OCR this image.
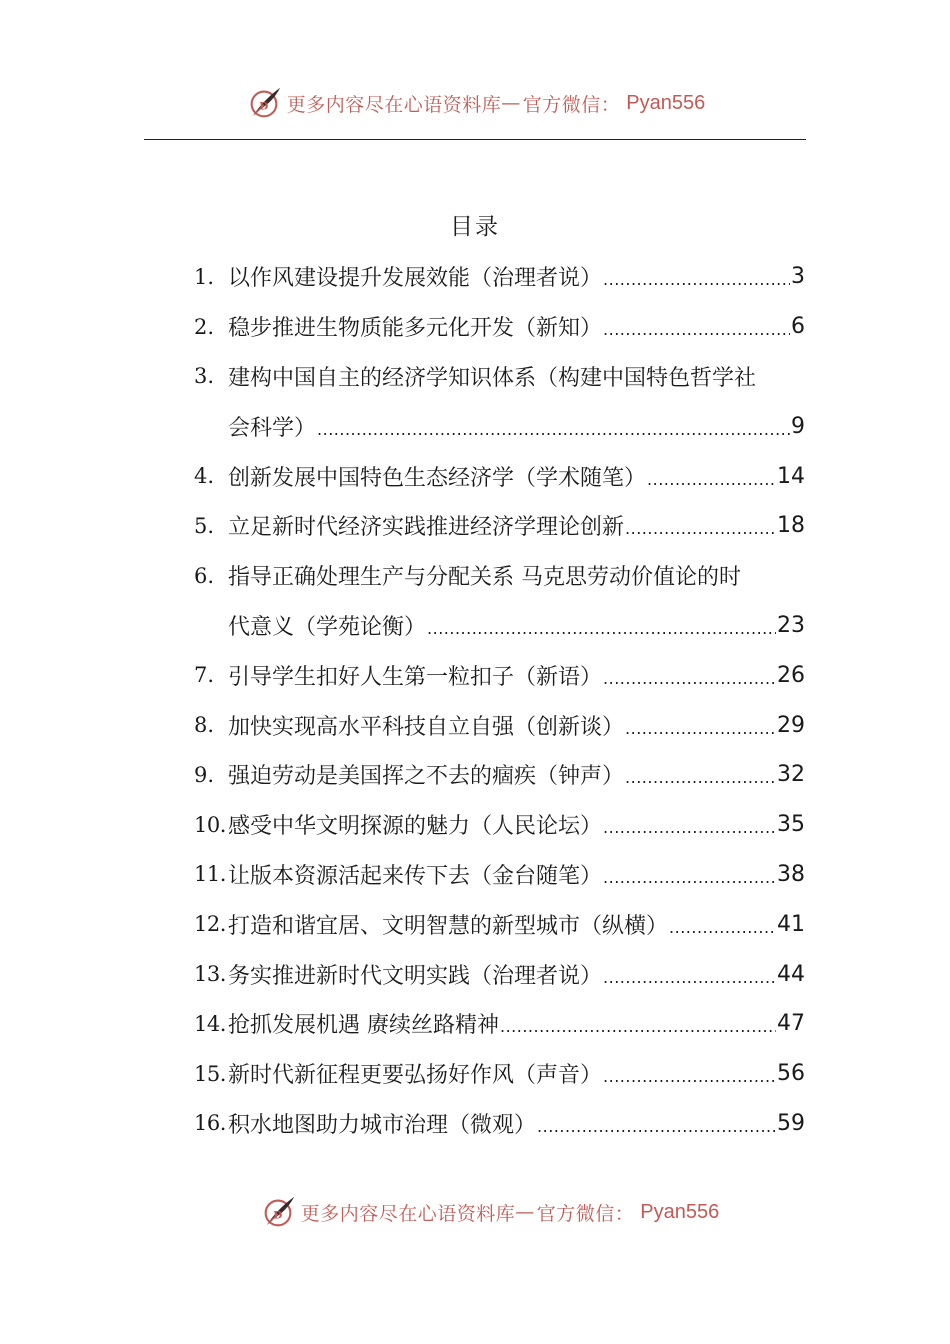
D 更多内容尽在心语资料库 — 官方微信： Pyan556
目录
1. 以作风建设提升发展效能（治理者说） .....	3
2. 稳步推进生物质能多元化开发（新知） .....	6
3. 建构中国自主的经济学知识体系（构建中国特色哲学社
会科学） .....	9
4. 创新发展中国特色生态经济学（学术随笔） .....	14
5. 立足新时代经济实践推进经济学理论创新 .....	18
6. 指导正确处理生产与分配关系 马克思劳动价值论的时
代意义（学苑论衡） .....	23
7. 引导学生扣好人生第一粒扣子（新语） .....	26
8. 加快实现高水平科技自立自强（创新谈） .....	29
9. 强迫劳动是美国挥之不去的痼疾（钟声） .....	32
10. 感受中华文明探源的魅力（人民论坛） .....	35
11. 让版本资源活起来传下去（金台随笔） .....	38
12. 打造和谐宜居、文明智慧的新型城市（纵横） .....	41
13. 务实推进新时代文明实践（治理者说） .....	44
14. 抢抓发展机遇 赓续丝路精神 .....	47
15. 新时代新征程更要弘扬好作风（声音） .....	56
16. 积水地图助力城市治理（微观） .....	59
D 更多内容尽在心语资料库 — 官方微信： Pyan556
